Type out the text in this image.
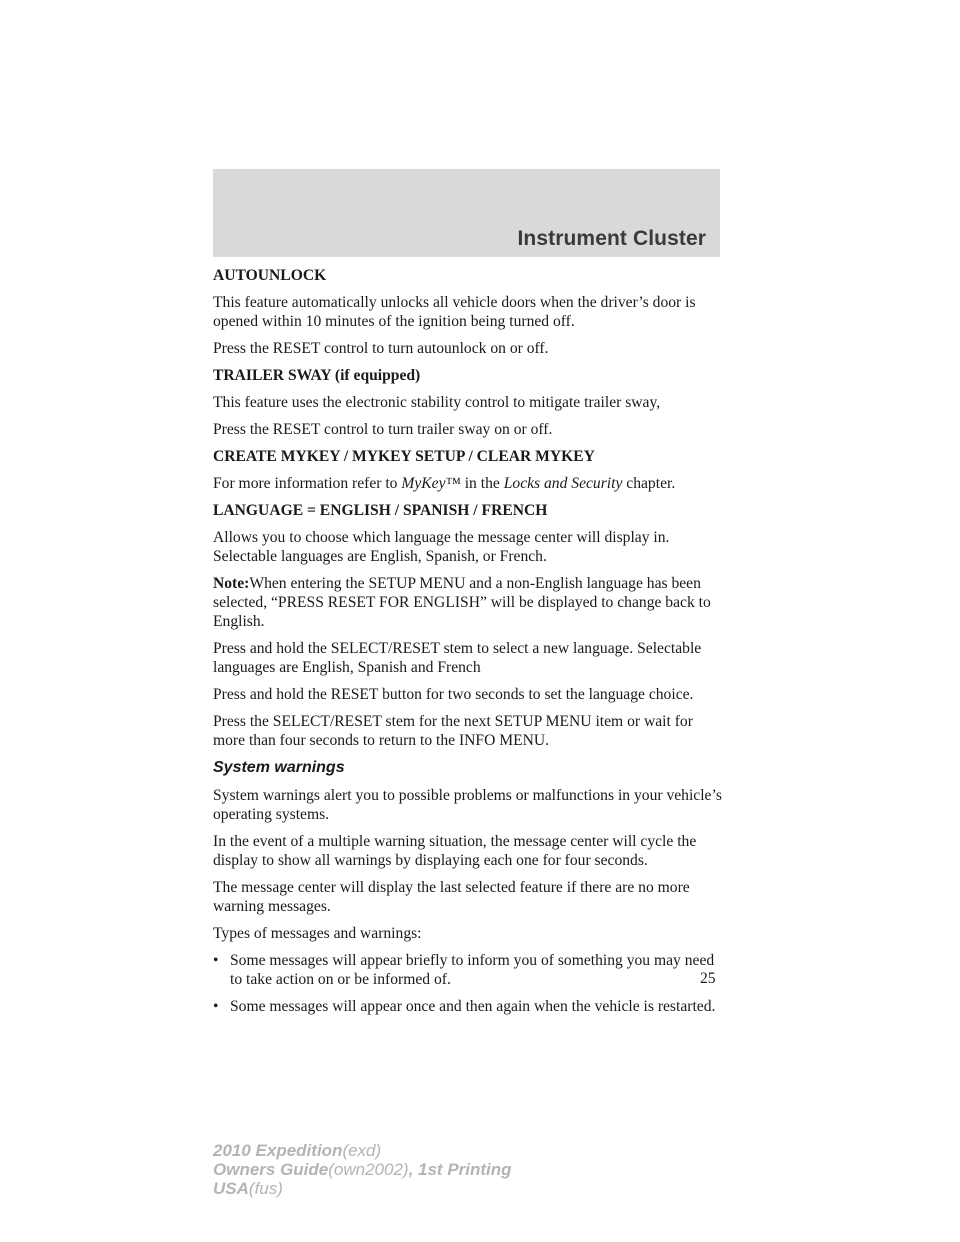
Instrument Cluster

AUTOUNLOCK

This feature automatically unlocks all vehicle doors when the driver’s door is opened within 10 minutes of the ignition being turned off.

Press the RESET control to turn autounlock on or off.

TRAILER SWAY (if equipped)

This feature uses the electronic stability control to mitigate trailer sway,

Press the RESET control to turn trailer sway on or off.

CREATE MYKEY / MYKEY SETUP / CLEAR MYKEY

For more information refer to MyKey™ in the Locks and Security chapter.

LANGUAGE = ENGLISH / SPANISH / FRENCH

Allows you to choose which language the message center will display in. Selectable languages are English, Spanish, or French.

Note:When entering the SETUP MENU and a non-English language has been selected, “PRESS RESET FOR ENGLISH” will be displayed to change back to English.

Press and hold the SELECT/RESET stem to select a new language. Selectable languages are English, Spanish and French

Press and hold the RESET button for two seconds to set the language choice.

Press the SELECT/RESET stem for the next SETUP MENU item or wait for more than four seconds to return to the INFO MENU.

System warnings

System warnings alert you to possible problems or malfunctions in your vehicle’s operating systems.

In the event of a multiple warning situation, the message center will cycle the display to show all warnings by displaying each one for four seconds.

The message center will display the last selected feature if there are no more warning messages.

Types of messages and warnings:

• Some messages will appear briefly to inform you of something you may need to take action on or be informed of.

• Some messages will appear once and then again when the vehicle is restarted.

25
2010 Expedition(exd)
Owners Guide(own2002), 1st Printing
USA(fus)
